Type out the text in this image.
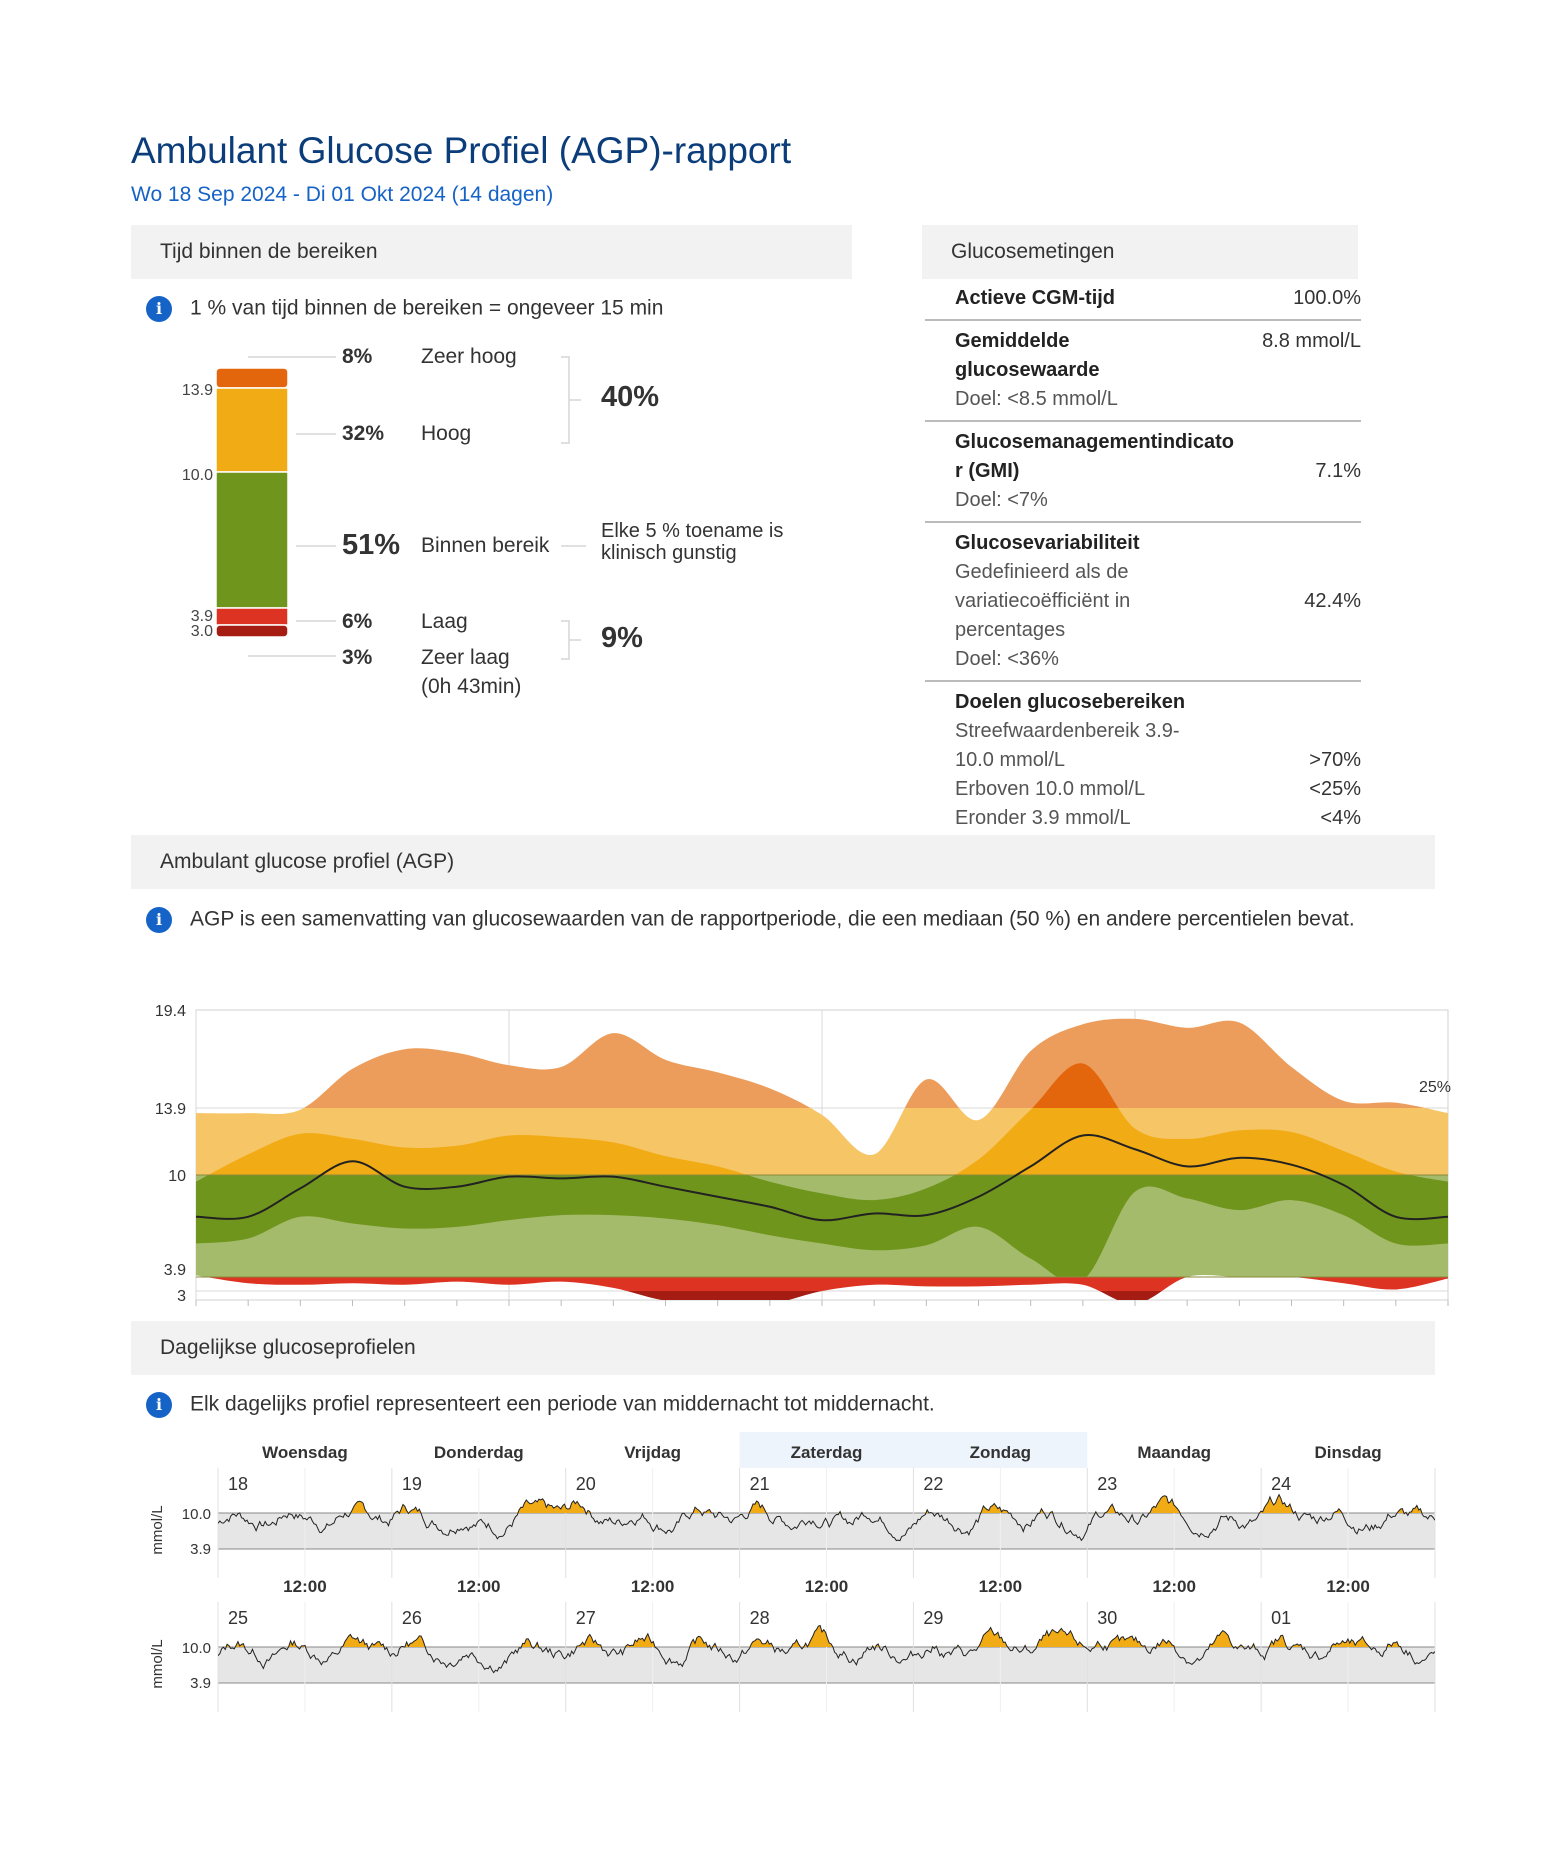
Ambulant Glucose Profiel (AGP)-rapport
Wo 18 Sep 2024 - Di 01 Okt 2024 (14 dagen)
Tijd binnen de bereiken
i 1 % van tijd binnen de bereiken = ongeveer 15 min
13.9
10.0
3.9
3.0
8% Zeer hoog
32% Hoog
51% Binnen bereik
6% Laag
3% Zeer laag
(0h 43min)
40%
9%
Elke 5 % toename is klinisch gunstig
Glucosemetingen
Actieve CGM-tijd	100.0%
Gemiddelde glucosewaarde
Doel: <8.5 mmol/L
8.8 mmol/L
Glucosemanagementindicator (GMI)
Doel: <7%
7.1%
Glucosevariabiliteit
Gedefinieerd als de variatiecoëfficiënt in percentages
Doel: <36%
42.4%
Doelen glucosebereiken
Streefwaardenbereik 3.9-10.0 mmol/L	>70%
Erboven 10.0 mmol/L	<25%
Eronder 3.9 mmol/L	<4%
Ambulant glucose profiel (AGP)
i AGP is een samenvatting van glucosewaarden van de rapportperiode, die een mediaan (50 %) en andere percentielen bevat.
19.4
13.9
10
3.9
3
25%
Dagelijkse glucoseprofielen
i Elk dagelijks profiel representeert een periode van middernacht tot middernacht.
Woensdag	Donderdag	Vrijdag	Zaterdag	Zondag	Maandag	Dinsdag
18	19	20	21	22	23	24
mmol/L 10.0
3.9
12:00	12:00	12:00	12:00	12:00	12:00	12:00
25	26	27	28	29	30	01
mmol/L 10.0
3.9
